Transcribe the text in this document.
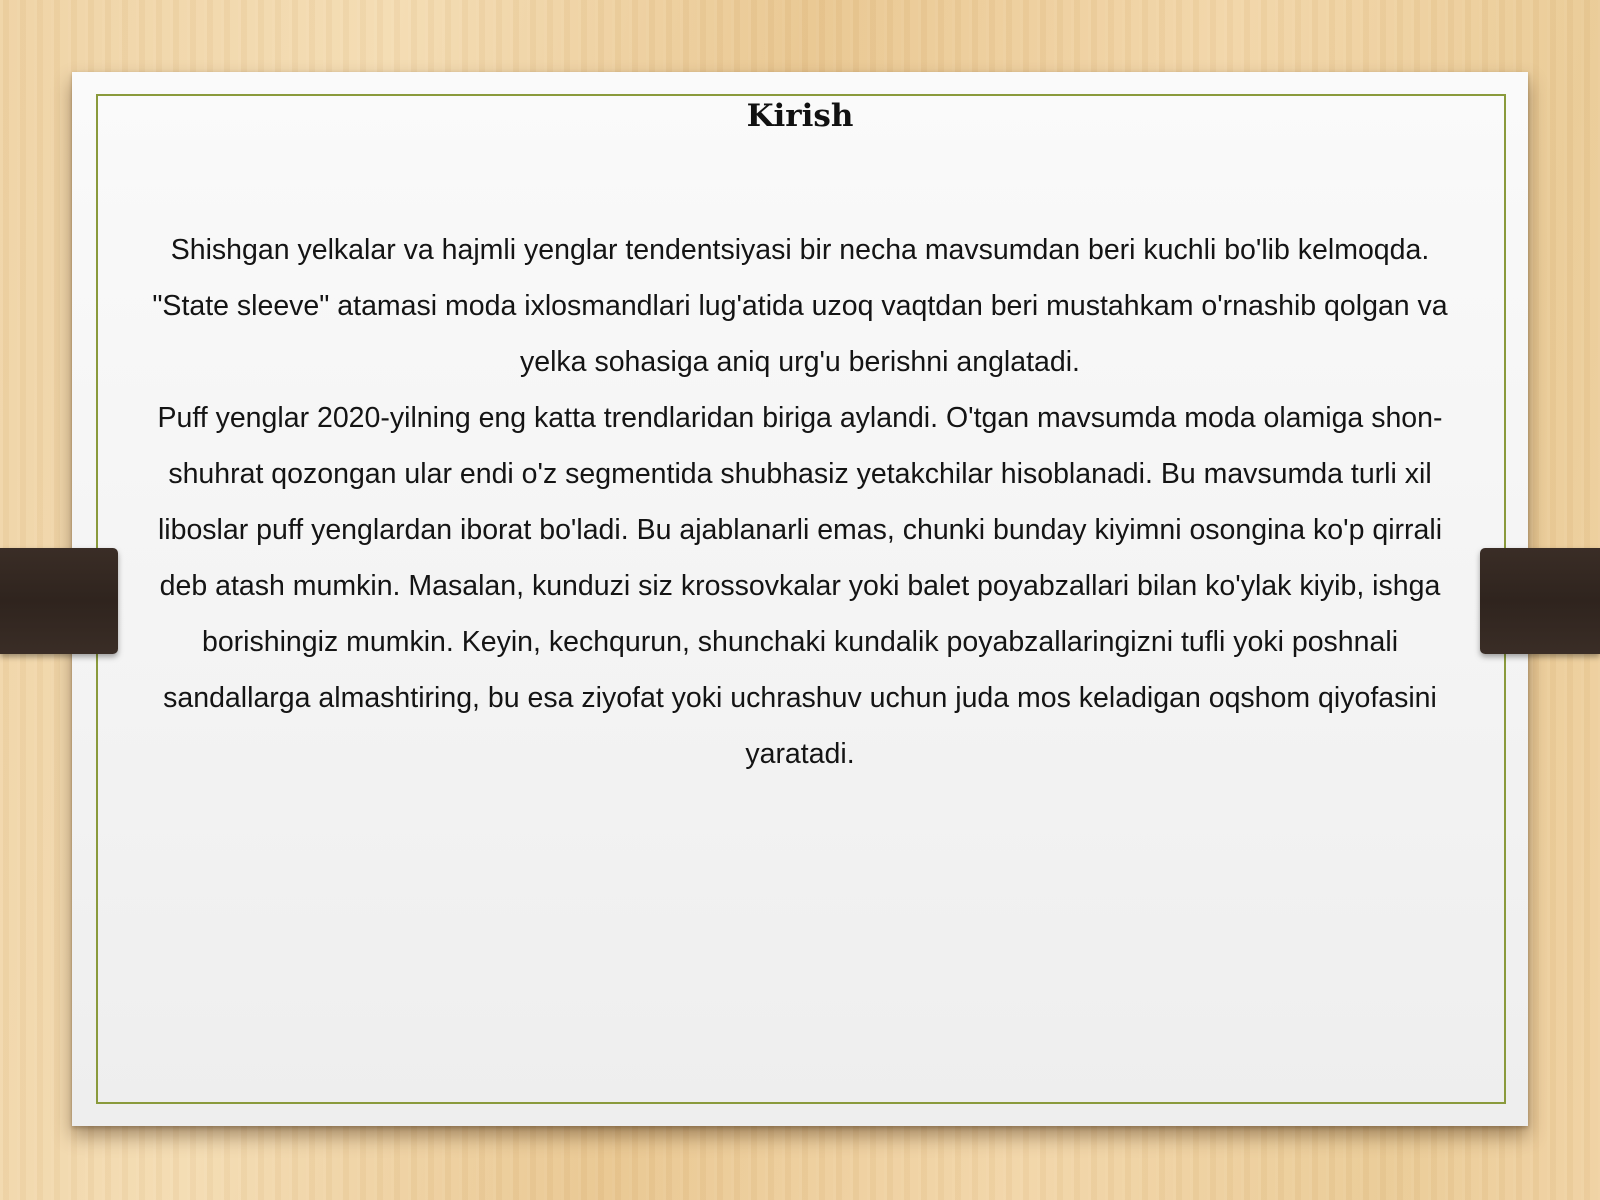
Kirish

Shishgan yelkalar va hajmli yenglar tendentsiyasi bir necha mavsumdan beri kuchli bo'lib kelmoqda.

"State sleeve" atamasi moda ixlosmandlari lug'atida uzoq vaqtdan beri mustahkam o'rnashib qolgan va yelka sohasiga aniq urg'u berishni anglatadi.

Puff yenglar 2020-yilning eng katta trendlaridan biriga aylandi. O'tgan mavsumda moda olamiga shon-shuhrat qozongan ular endi o'z segmentida shubhasiz yetakchilar hisoblanadi. Bu mavsumda turli xil liboslar puff yenglardan iborat bo'ladi. Bu ajablanarli emas, chunki bunday kiyimni osongina ko'p qirrali deb atash mumkin. Masalan, kunduzi siz krossovkalar yoki balet poyabzallari bilan ko'ylak kiyib, ishga borishingiz mumkin. Keyin, kechqurun, shunchaki kundalik poyabzallaringizni tufli yoki poshnali sandallarga almashtiring, bu esa ziyofat yoki uchrashuv uchun juda mos keladigan oqshom qiyofasini yaratadi.
